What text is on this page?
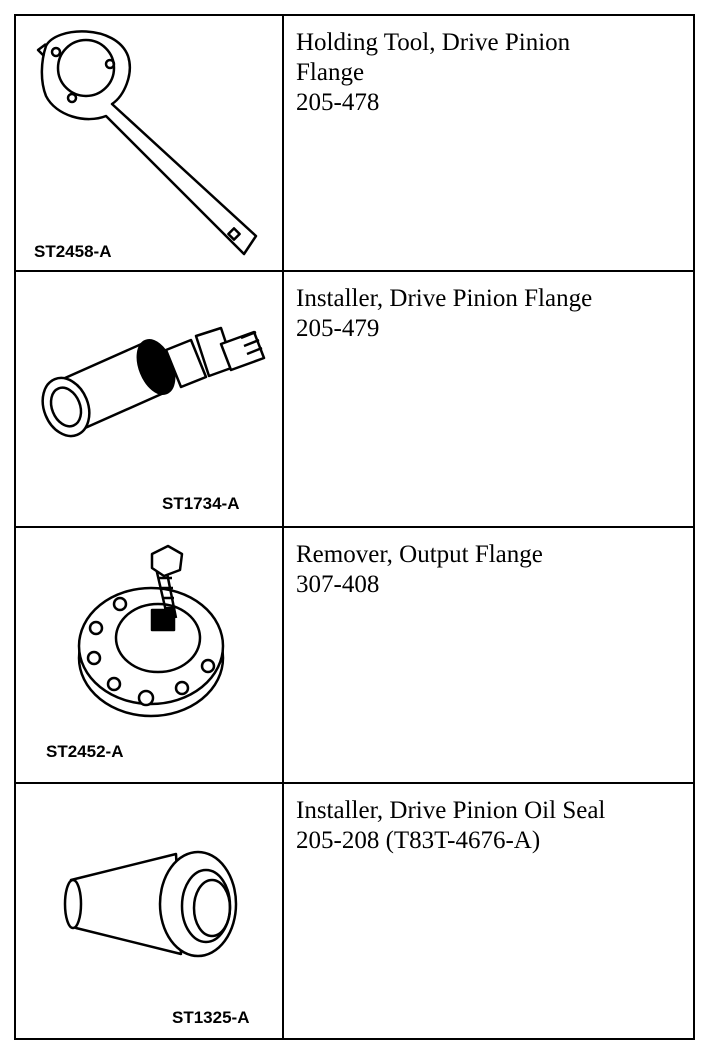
ST2458-A	Holding Tool, Drive Pinion
Flange
205-478

ST1734-A	Installer, Drive Pinion Flange
205-479

ST2452-A	Remover, Output Flange
307-408

ST1325-A	Installer, Drive Pinion Oil Seal
205-208 (T83T-4676-A)
